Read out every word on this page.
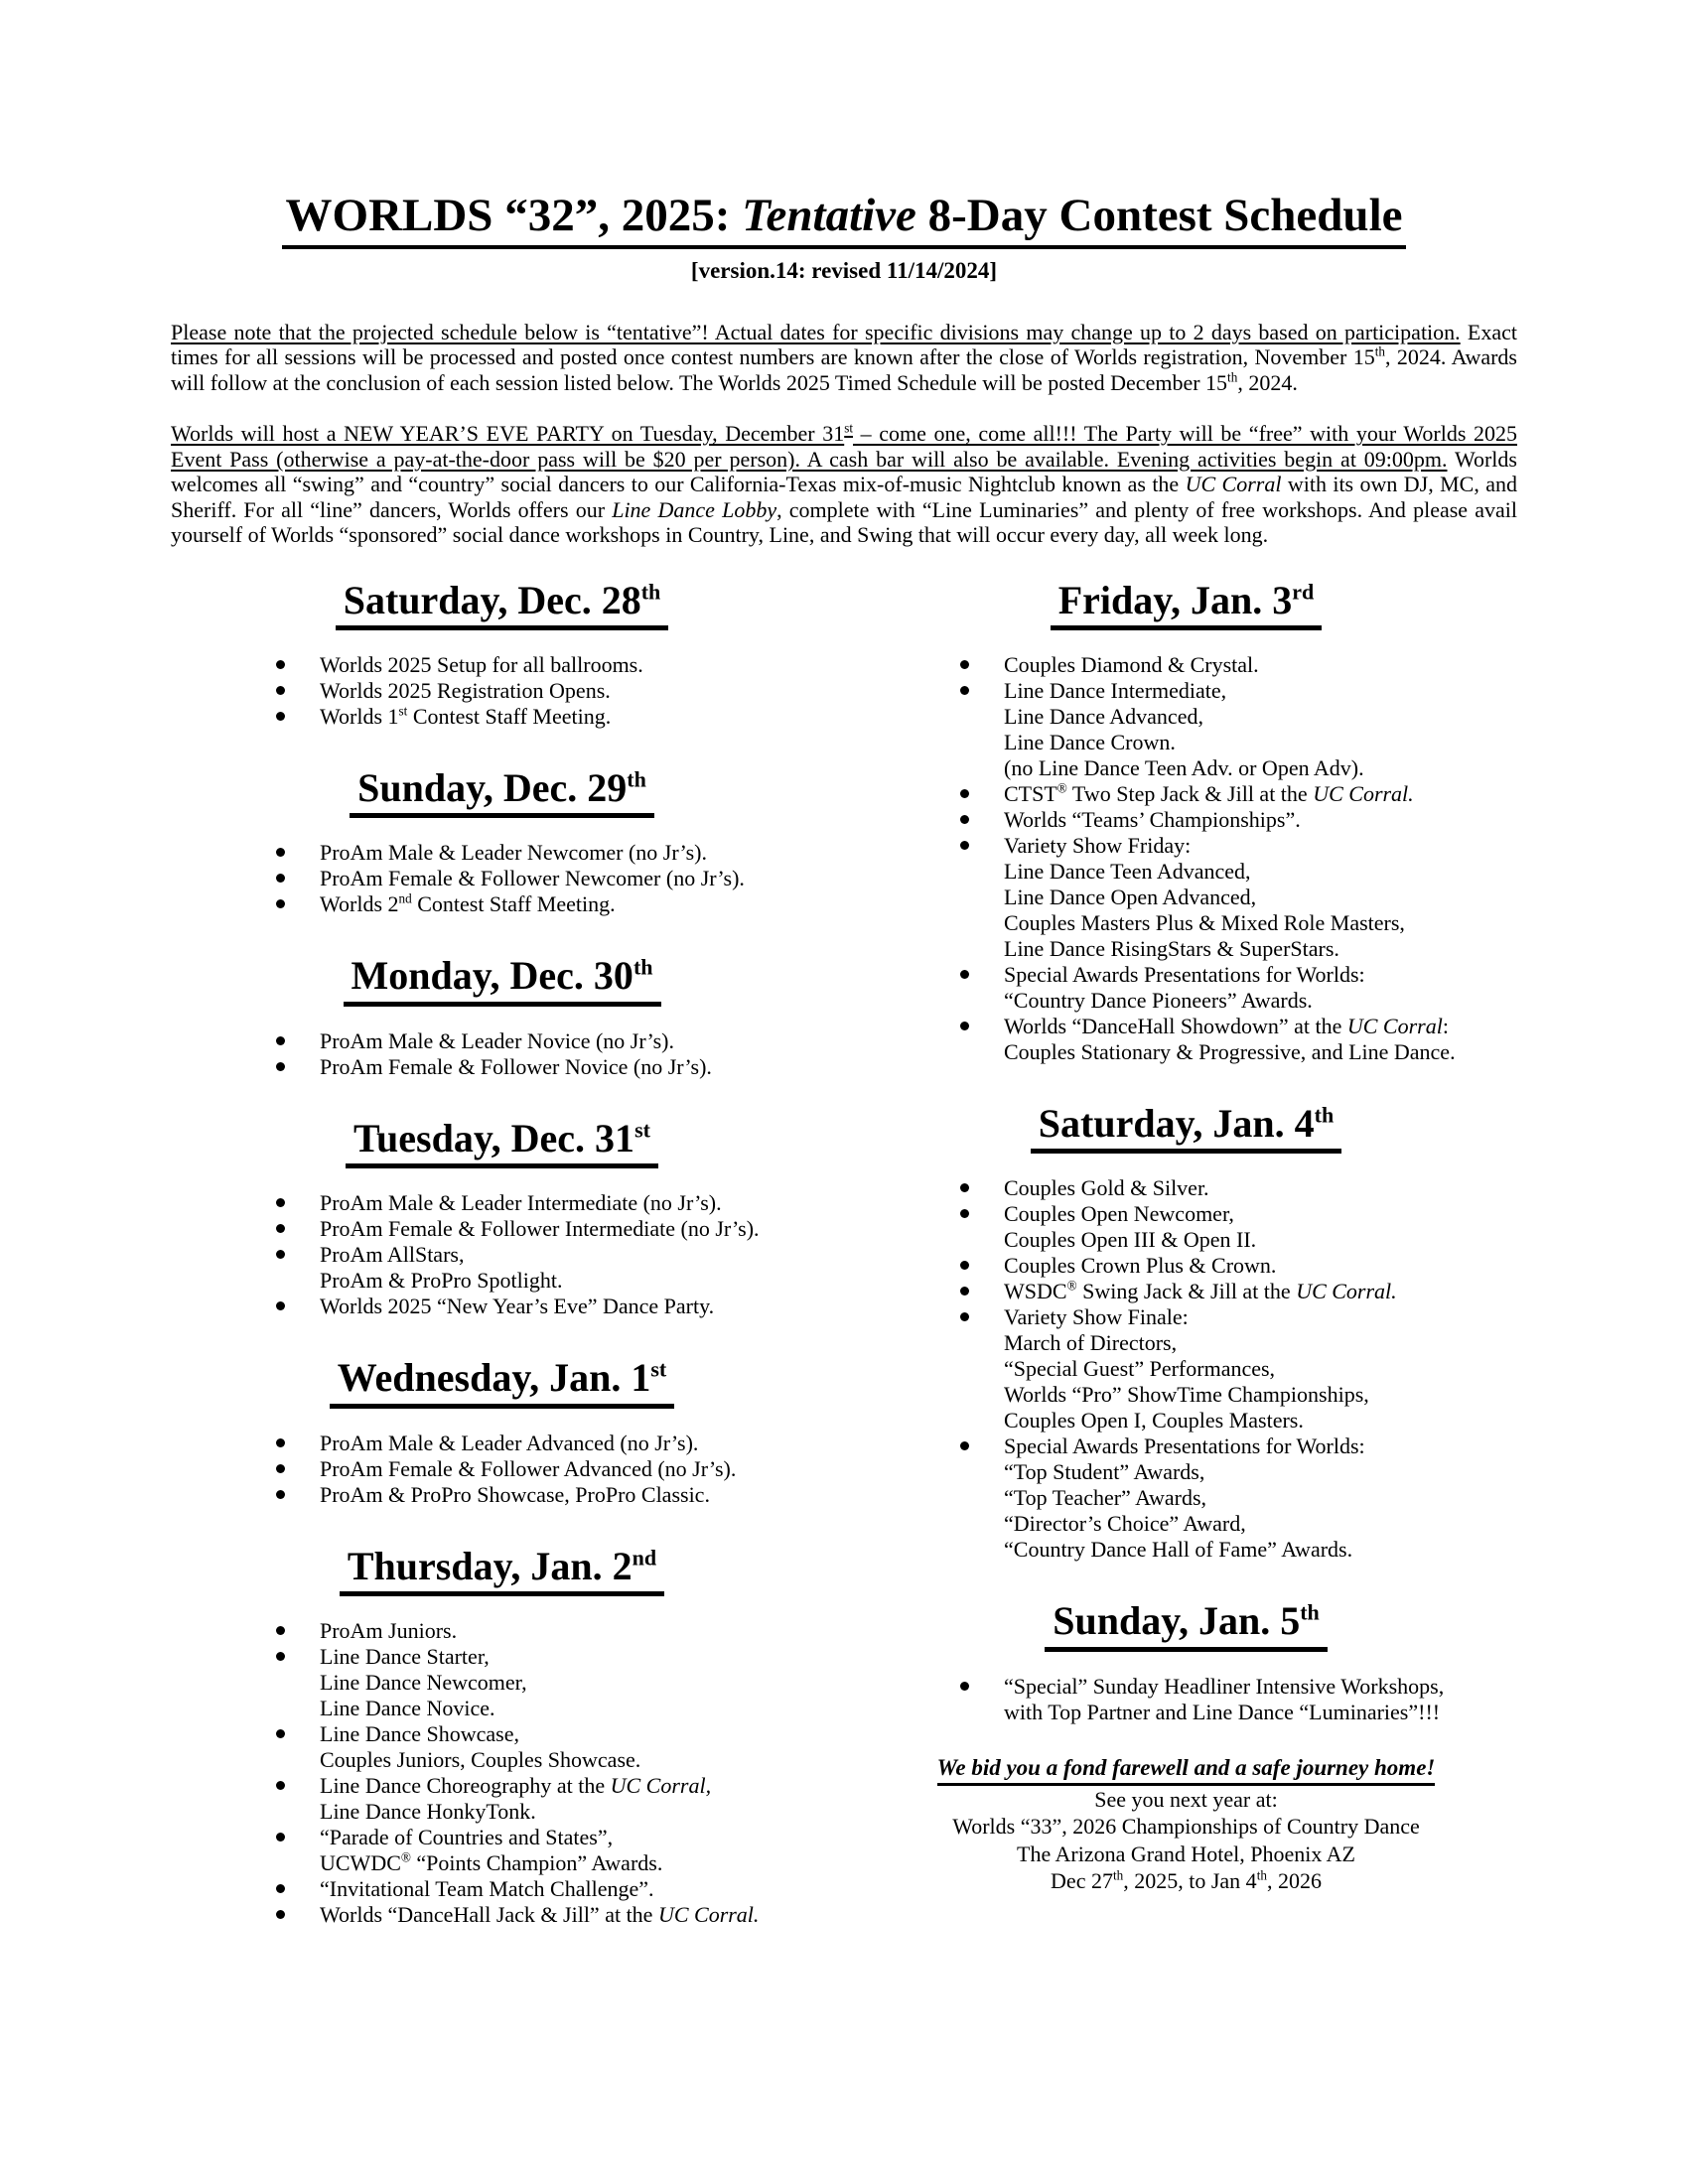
WORLDS “32”, 2025: Tentative 8-Day Contest Schedule
[version.14: revised 11/14/2024]

Please note that the projected schedule below is “tentative”! Actual dates for specific divisions may change up to 2 days based on participation. Exact times for all sessions will be processed and posted once contest numbers are known after the close of Worlds registration, November 15th, 2024. Awards will follow at the conclusion of each session listed below. The Worlds 2025 Timed Schedule will be posted December 15th, 2024.

Worlds will host a NEW YEAR’S EVE PARTY on Tuesday, December 31st – come one, come all!!! The Party will be “free” with your Worlds 2025 Event Pass (otherwise a pay-at-the-door pass will be $20 per person). A cash bar will also be available. Evening activities begin at 09:00pm. Worlds welcomes all “swing” and “country” social dancers to our California-Texas mix-of-music Nightclub known as the UC Corral with its own DJ, MC, and Sheriff. For all “line” dancers, Worlds offers our Line Dance Lobby, complete with “Line Luminaries” and plenty of free workshops. And please avail yourself of Worlds “sponsored” social dance workshops in Country, Line, and Swing that will occur every day, all week long.

Saturday, Dec. 28th
Worlds 2025 Setup for all ballrooms.
Worlds 2025 Registration Opens.
Worlds 1st Contest Staff Meeting.
Sunday, Dec. 29th
ProAm Male & Leader Newcomer (no Jr’s).
ProAm Female & Follower Newcomer (no Jr’s).
Worlds 2nd Contest Staff Meeting.
Monday, Dec. 30th
ProAm Male & Leader Novice (no Jr’s).
ProAm Female & Follower Novice (no Jr’s).
Tuesday, Dec. 31st
ProAm Male & Leader Intermediate (no Jr’s).
ProAm Female & Follower Intermediate (no Jr’s).
ProAm AllStars,
ProAm & ProPro Spotlight.
Worlds 2025 “New Year’s Eve” Dance Party.
Wednesday, Jan. 1st
ProAm Male & Leader Advanced (no Jr’s).
ProAm Female & Follower Advanced (no Jr’s).
ProAm & ProPro Showcase, ProPro Classic.
Thursday, Jan. 2nd
ProAm Juniors.
Line Dance Starter,
Line Dance Newcomer,
Line Dance Novice.
Line Dance Showcase,
Couples Juniors, Couples Showcase.
Line Dance Choreography at the UC Corral,
Line Dance HonkyTonk.
“Parade of Countries and States”,
UCWDC® “Points Champion” Awards.
“Invitational Team Match Challenge”.
Worlds “DanceHall Jack & Jill” at the UC Corral.
Friday, Jan. 3rd
Couples Diamond & Crystal.
Line Dance Intermediate,
Line Dance Advanced,
Line Dance Crown.
(no Line Dance Teen Adv. or Open Adv).
CTST® Two Step Jack & Jill at the UC Corral.
Worlds “Teams’ Championships”.
Variety Show Friday:
Line Dance Teen Advanced,
Line Dance Open Advanced,
Couples Masters Plus & Mixed Role Masters,
Line Dance RisingStars & SuperStars.
Special Awards Presentations for Worlds:
“Country Dance Pioneers” Awards.
Worlds “DanceHall Showdown” at the UC Corral:
Couples Stationary & Progressive, and Line Dance.
Saturday, Jan. 4th
Couples Gold & Silver.
Couples Open Newcomer,
Couples Open III & Open II.
Couples Crown Plus & Crown.
WSDC® Swing Jack & Jill at the UC Corral.
Variety Show Finale:
March of Directors,
“Special Guest” Performances,
Worlds “Pro” ShowTime Championships,
Couples Open I, Couples Masters.
Special Awards Presentations for Worlds:
“Top Student” Awards,
“Top Teacher” Awards,
“Director’s Choice” Award,
“Country Dance Hall of Fame” Awards.
Sunday, Jan. 5th
“Special” Sunday Headliner Intensive Workshops,
with Top Partner and Line Dance “Luminaries”!!!
We bid you a fond farewell and a safe journey home!
See you next year at:
Worlds “33”, 2026 Championships of Country Dance
The Arizona Grand Hotel, Phoenix AZ
Dec 27th, 2025, to Jan 4th, 2026
